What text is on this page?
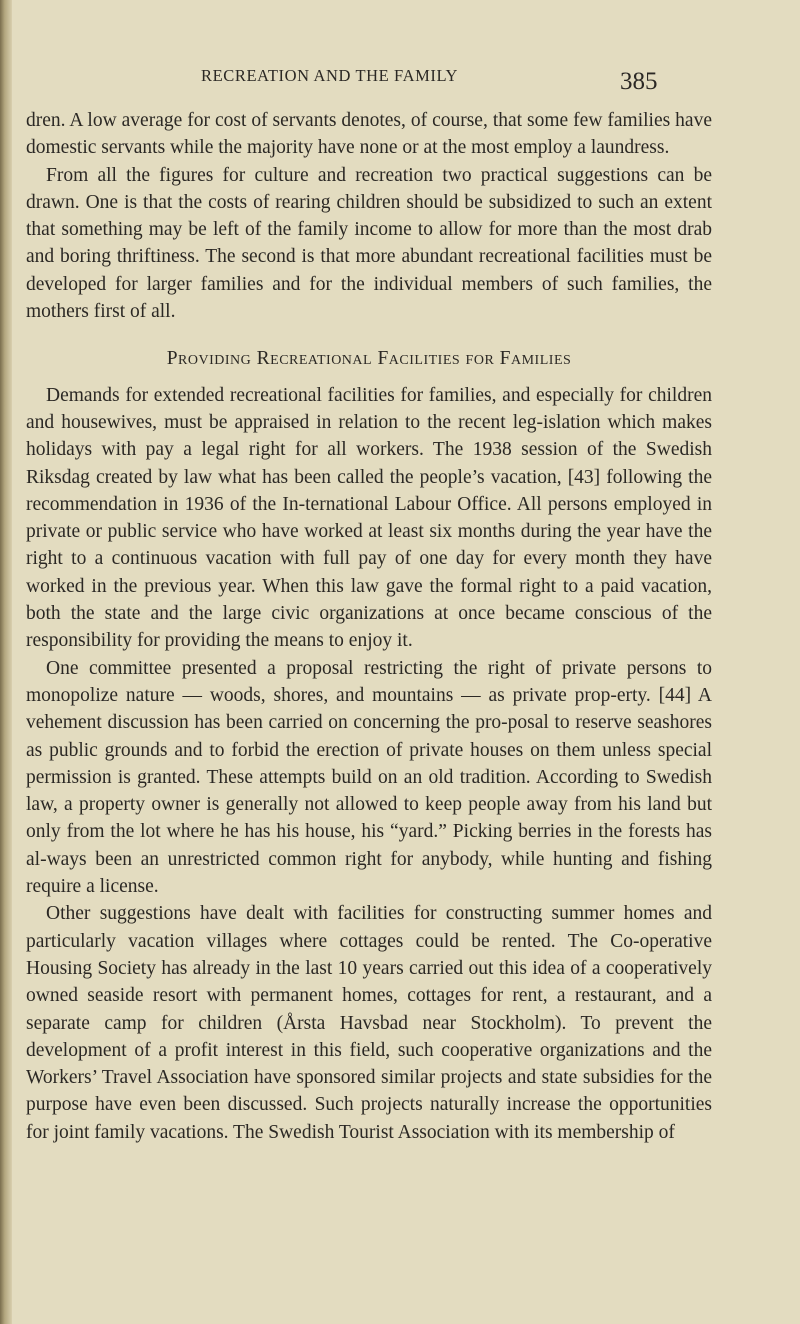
RECREATION AND THE FAMILY	385

dren. A low average for cost of servants denotes, of course, that some few families have domestic servants while the majority have none or at the most employ a laundress.

From all the figures for culture and recreation two practical suggestions can be drawn. One is that the costs of rearing children should be subsidized to such an extent that something may be left of the family income to allow for more than the most drab and boring thriftiness. The second is that more abundant recreational facilities must be developed for larger families and for the individual members of such families, the mothers first of all.

Providing Recreational Facilities for Families

Demands for extended recreational facilities for families, and especially for children and housewives, must be appraised in relation to the recent leg-islation which makes holidays with pay a legal right for all workers. The 1938 session of the Swedish Riksdag created by law what has been called the people’s vacation, [43] following the recommendation in 1936 of the In-ternational Labour Office. All persons employed in private or public service who have worked at least six months during the year have the right to a continuous vacation with full pay of one day for every month they have worked in the previous year. When this law gave the formal right to a paid vacation, both the state and the large civic organizations at once became conscious of the responsibility for providing the means to enjoy it.

One committee presented a proposal restricting the right of private persons to monopolize nature — woods, shores, and mountains — as private prop-erty. [44] A vehement discussion has been carried on concerning the pro-posal to reserve seashores as public grounds and to forbid the erection of private houses on them unless special permission is granted. These attempts build on an old tradition. According to Swedish law, a property owner is generally not allowed to keep people away from his land but only from the lot where he has his house, his “yard.” Picking berries in the forests has al-ways been an unrestricted common right for anybody, while hunting and fishing require a license.

Other suggestions have dealt with facilities for constructing summer homes and particularly vacation villages where cottages could be rented. The Co-operative Housing Society has already in the last 10 years carried out this idea of a cooperatively owned seaside resort with permanent homes, cottages for rent, a restaurant, and a separate camp for children (Årsta Havsbad near Stockholm). To prevent the development of a profit interest in this field, such cooperative organizations and the Workers’ Travel Association have sponsored similar projects and state subsidies for the purpose have even been discussed. Such projects naturally increase the opportunities for joint family vacations. The Swedish Tourist Association with its membership of
